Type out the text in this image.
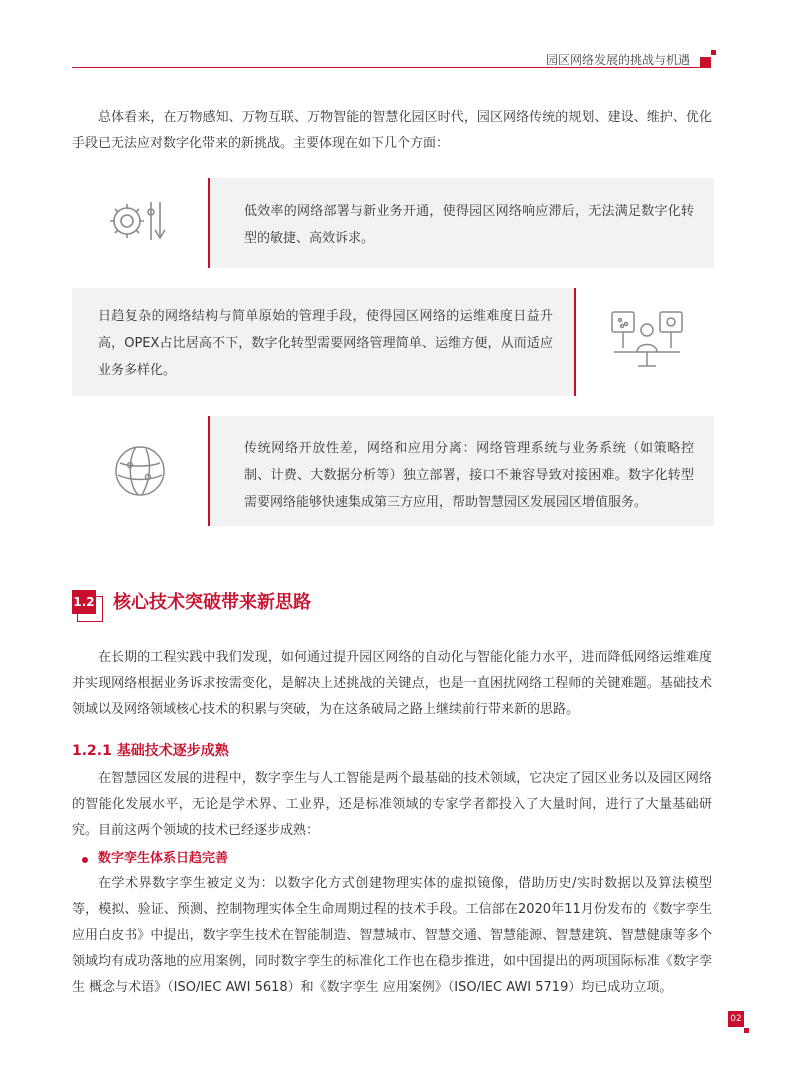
园区网络发展的挑战与机遇

总体看来，在万物感知、万物互联、万物智能的智慧化园区时代，园区网络传统的规划、建设、维护、优化手段已无法应对数字化带来的新挑战。主要体现在如下几个方面：

低效率的网络部署与新业务开通，使得园区网络响应滞后，无法满足数字化转型的敏捷、高效诉求。

日趋复杂的网络结构与简单原始的管理手段，使得园区网络的运维难度日益升高，OPEX占比居高不下，数字化转型需要网络管理简单、运维方便，从而适应业务多样化。

传统网络开放性差，网络和应用分离：网络管理系统与业务系统（如策略控制、计费、大数据分析等）独立部署，接口不兼容导致对接困难。数字化转型需要网络能够快速集成第三方应用，帮助智慧园区发展园区增值服务。

1.2 核心技术突破带来新思路

在长期的工程实践中我们发现，如何通过提升园区网络的自动化与智能化能力水平，进而降低网络运维难度并实现网络根据业务诉求按需变化，是解决上述挑战的关键点，也是一直困扰网络工程师的关键难题。基础技术领域以及网络领域核心技术的积累与突破，为在这条破局之路上继续前行带来新的思路。

1.2.1 基础技术逐步成熟

在智慧园区发展的进程中，数字孪生与人工智能是两个最基础的技术领域，它决定了园区业务以及园区网络的智能化发展水平，无论是学术界、工业界，还是标准领域的专家学者都投入了大量时间，进行了大量基础研究。目前这两个领域的技术已经逐步成熟：

数字孪生体系日趋完善

在学术界数字孪生被定义为：以数字化方式创建物理实体的虚拟镜像，借助历史/实时数据以及算法模型等，模拟、验证、预测、控制物理实体全生命周期过程的技术手段。工信部在2020年11月份发布的《数字孪生应用白皮书》中提出，数字孪生技术在智能制造、智慧城市、智慧交通、智慧能源、智慧建筑、智慧健康等多个领域均有成功落地的应用案例，同时数字孪生的标准化工作也在稳步推进，如中国提出的两项国际标准《数字孪生 概念与术语》（ISO/IEC AWI 5618）和《数字孪生 应用案例》（ISO/IEC AWI 5719）均已成功立项。

02
